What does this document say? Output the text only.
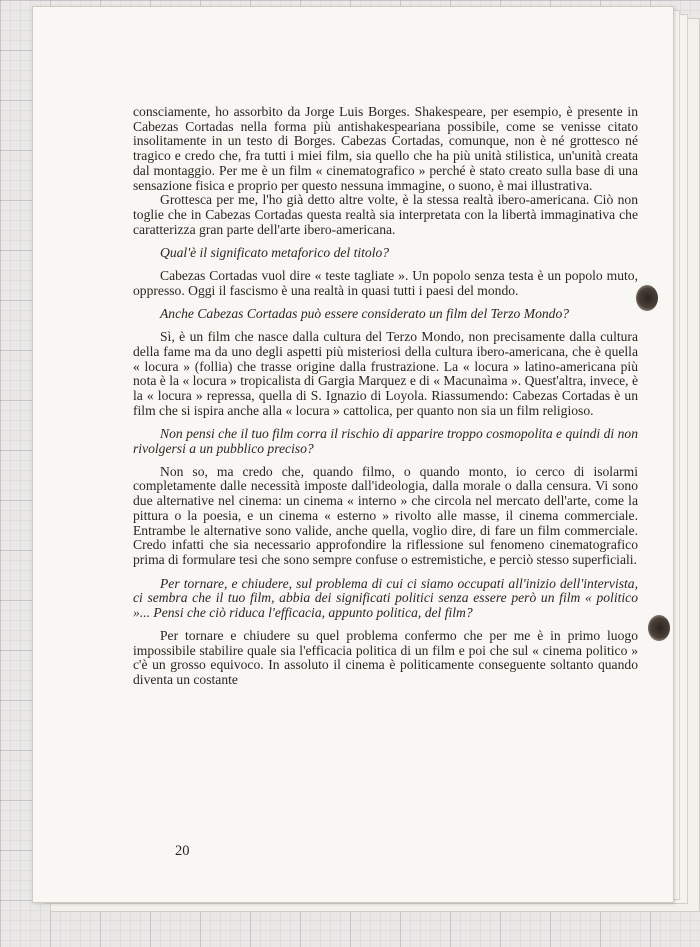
consciamente, ho assorbito da Jorge Luis Borges. Shakespeare, per esempio, è presente in Cabezas Cortadas nella forma più antishakespeariana possibile, come se venisse citato insolitamente in un testo di Borges. Cabezas Cortadas, comunque, non è né grottesco né tragico e credo che, fra tutti i miei film, sia quello che ha più unità stilistica, un'unità creata dal montaggio. Per me è un film « cinematografico » perché è stato creato sulla base di una sensazione fisica e proprio per questo nessuna immagine, o suono, è mai illustrativa.

Grottesca per me, l'ho già detto altre volte, è la stessa realtà ibero-americana. Ciò non toglie che in Cabezas Cortadas questa realtà sia interpretata con la libertà immaginativa che caratterizza gran parte dell'arte ibero-americana.

Qual'è il significato metaforico del titolo?

Cabezas Cortadas vuol dire « teste tagliate ». Un popolo senza testa è un popolo muto, oppresso. Oggi il fascismo è una realtà in quasi tutti i paesi del mondo.

Anche Cabezas Cortadas può essere considerato un film del Terzo Mondo?

Sì, è un film che nasce dalla cultura del Terzo Mondo, non precisamente dalla cultura della fame ma da uno degli aspetti più misteriosi della cultura ibero-americana, che è quella « locura » (follia) che trasse origine dalla frustrazione. La « locura » latino-americana più nota è la « locura » tropicalista di Gargia Marquez e di « Macunaìma ». Quest'altra, invece, è la « locura » repressa, quella di S. Ignazio di Loyola. Riassumendo: Cabezas Cortadas è un film che si ispira anche alla « locura » cattolica, per quanto non sia un film religioso.

Non pensi che il tuo film corra il rischio di apparire troppo cosmopolita e quindi di non rivolgersi a un pubblico preciso?

Non so, ma credo che, quando filmo, o quando monto, io cerco di isolarmi completamente dalle necessità imposte dall'ideologia, dalla morale o dalla censura. Vi sono due alternative nel cinema: un cinema « interno » che circola nel mercato dell'arte, come la pittura o la poesia, e un cinema « esterno » rivolto alle masse, il cinema commerciale. Entrambe le alternative sono valide, anche quella, voglio dire, di fare un film commerciale. Credo infatti che sia necessario approfondire la riflessione sul fenomeno cinematografico prima di formulare tesi che sono sempre confuse o estremistiche, e perciò stesso superficiali.

Per tornare, e chiudere, sul problema di cui ci siamo occupati all'inizio dell'intervista, ci sembra che il tuo film, abbia dei significati politici senza essere però un film « politico »... Pensi che ciò riduca l'efficacia, appunto politica, del film?

Per tornare e chiudere su quel problema confermo che per me è in primo luogo impossibile stabilire quale sia l'efficacia politica di un film e poi che sul « cinema politico » c'è un grosso equivoco. In assoluto il cinema è politicamente conseguente soltanto quando diventa un costante

20
